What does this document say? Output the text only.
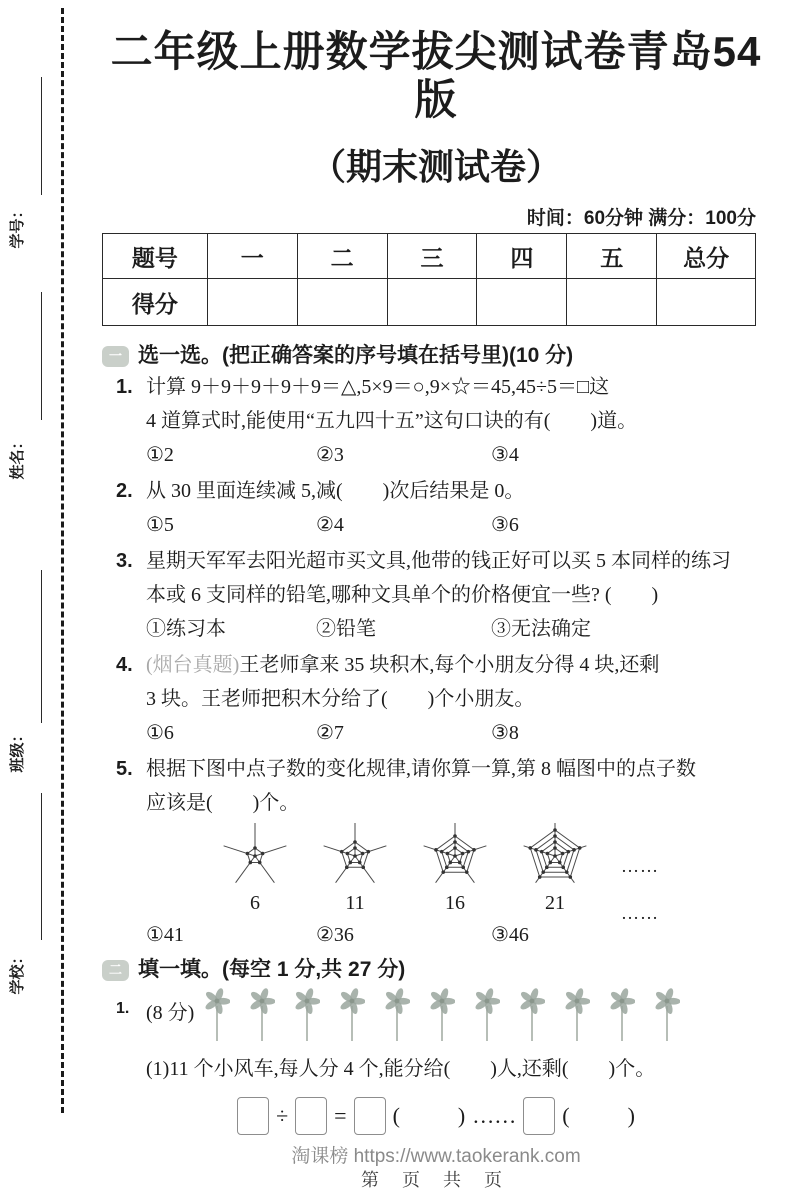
学号：
姓名：
班级：
学校：
二年级上册数学拔尖测试卷青岛54版
（期末测试卷）
时间：60分钟 满分：100分
题号	一	二	三	四	五	总分
得分						
一 选一选。(把正确答案的序号填在括号里)(10 分)
1. 计算 9＋9＋9＋9＋9＝△,5×9＝○,9×☆＝45,45÷5＝□这
4 道算式时,能使用“五九四十五”这句口诀的有(　　)道。
①2	②3	③4
2. 从 30 里面连续减 5,减(　　)次后结果是 0。
①5	②4	③6
3. 星期天军军去阳光超市买文具,他带的钱正好可以买 5 本同样的练习
本或 6 支同样的铅笔,哪种文具单个的价格便宜一些? (　　)
①练习本	②铅笔	③无法确定
4. (烟台真题)王老师拿来 35 块积木,每个小朋友分得 4 块,还剩
3 块。王老师把积木分给了(　　)个小朋友。
①6	②7	③8
5. 根据下图中点子数的变化规律,请你算一算,第 8 幅图中的点子数
应该是(　　)个。
6	11	16	21
……
……
①41	②36	③46
二 填一填。(每空 1 分,共 27 分)
1. (8 分)
(1)11 个小风车,每人分 4 个,能分给(　　)人,还剩(　　)个。
÷ = (	) …… (	)
淘课榜 https://www.taokerank.com
第 页 共 页
